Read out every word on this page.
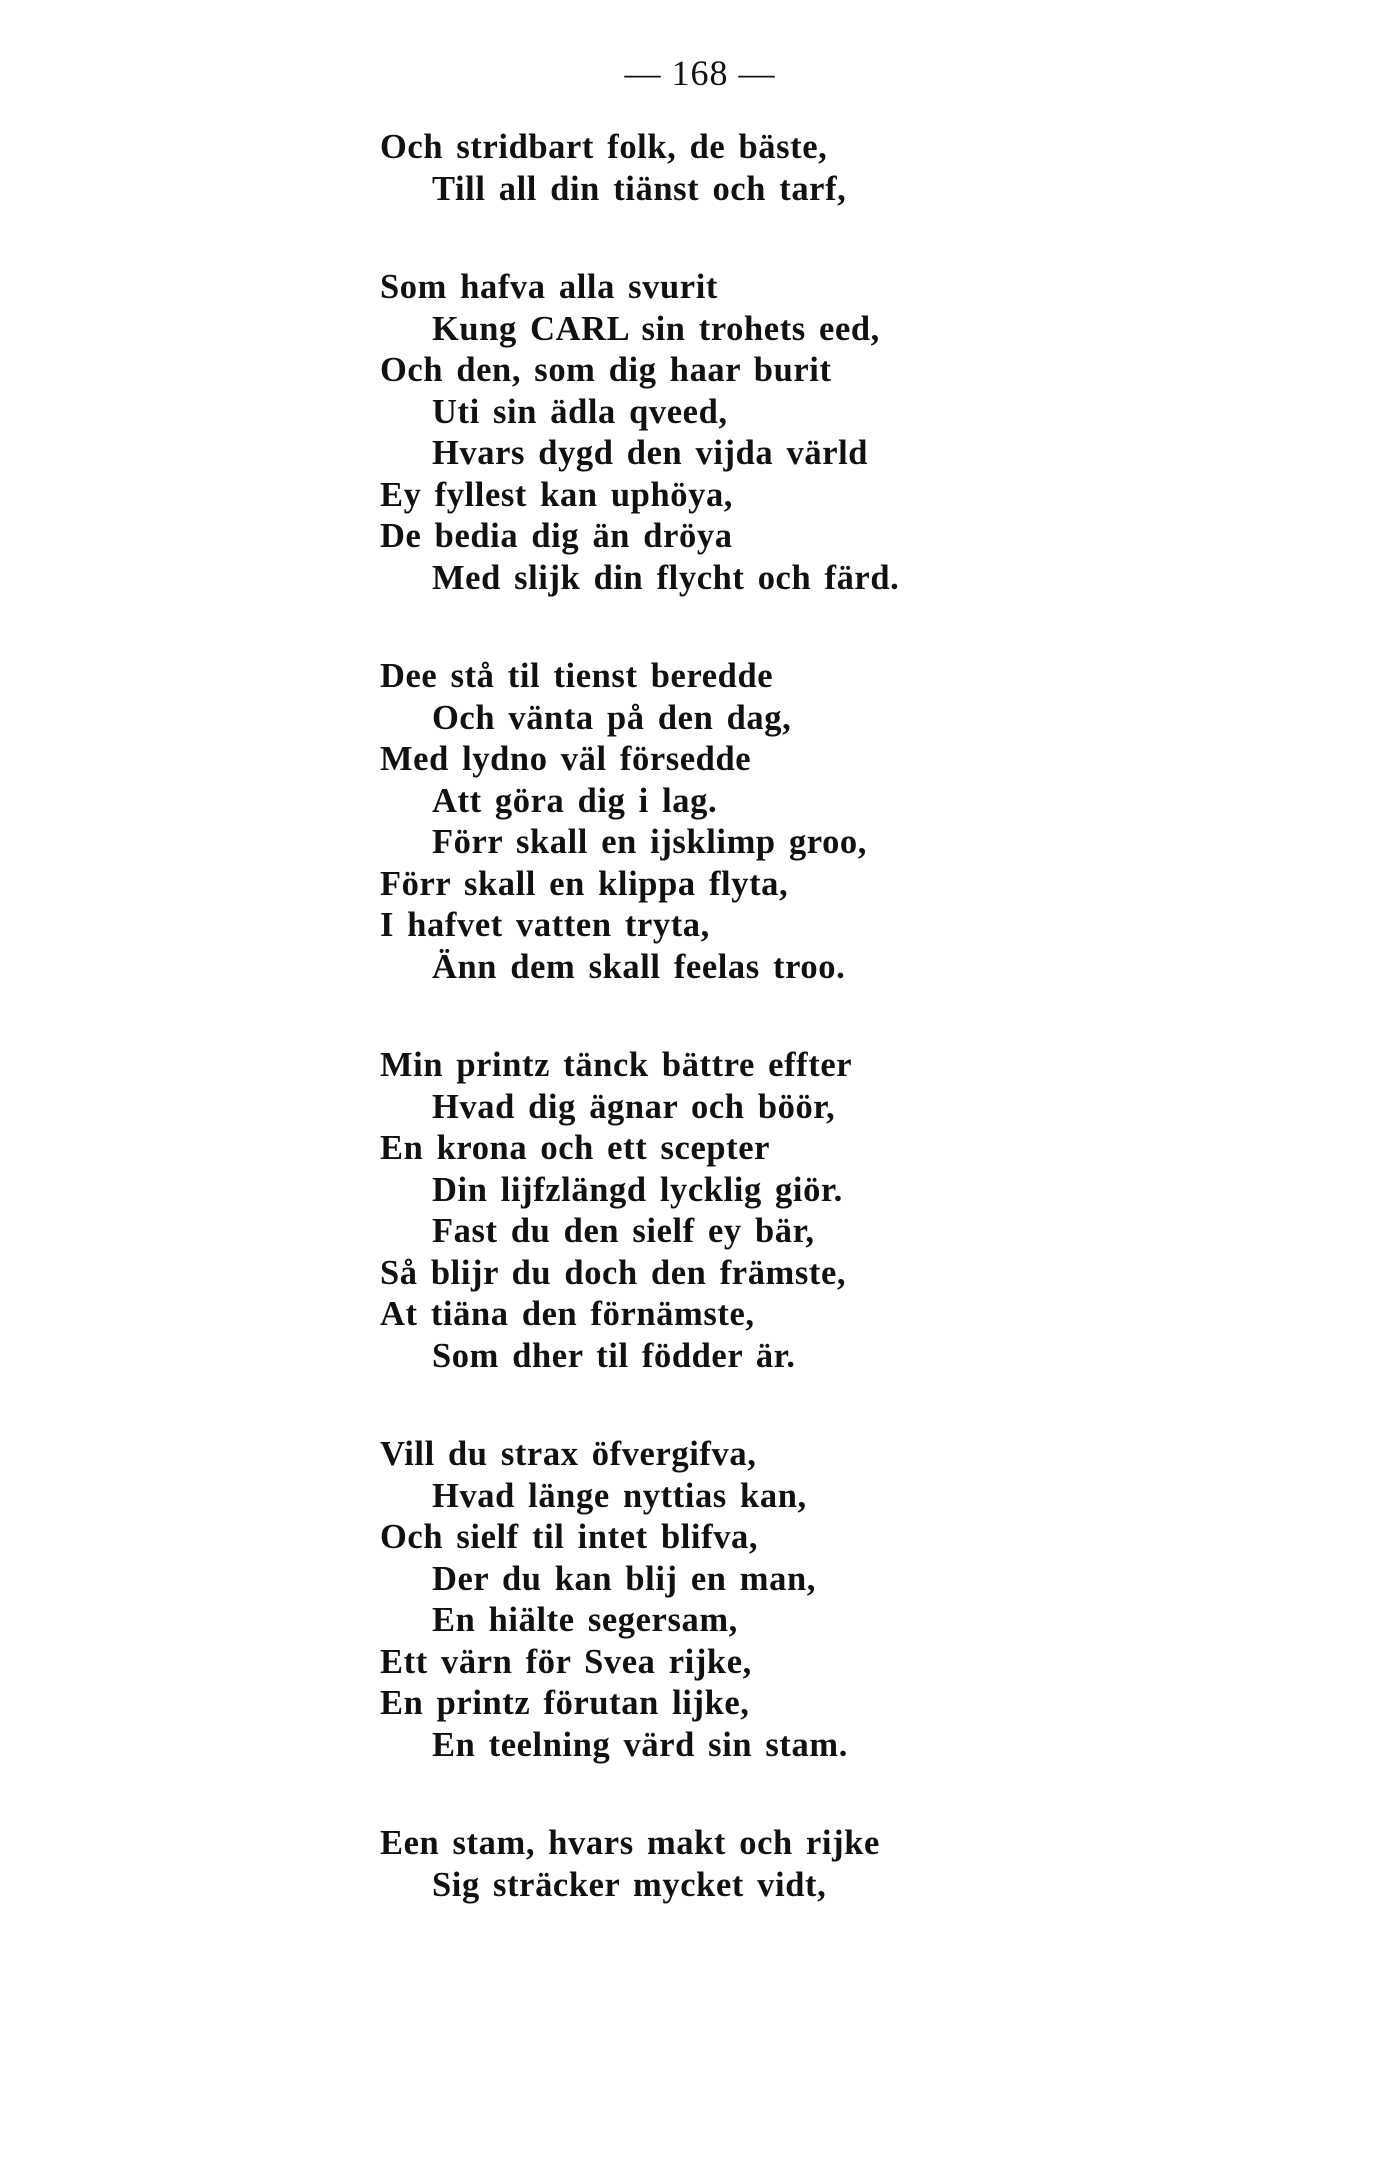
— 168 —
Och stridbart folk, de bäste,
Till all din tiänst och tarf,
Som hafva alla svurit
Kung CARL sin trohets eed,
Och den, som dig haar burit
Uti sin ädla qveed,
Hvars dygd den vijda värld
Ey fyllest kan uphöya,
De bedia dig än dröya
Med slijk din flycht och färd.
Dee stå til tienst beredde
Och vänta på den dag,
Med lydno väl försedde
Att göra dig i lag.
Förr skall en ijsklimp groo,
Förr skall en klippa flyta,
I hafvet vatten tryta,
Änn dem skall feelas troo.
Min printz tänck bättre effter
Hvad dig ägnar och böör,
En krona och ett scepter
Din lijfzlängd lycklig giör.
Fast du den sielf ey bär,
Så blijr du doch den främste,
At tiäna den förnämste,
Som dher til födder är.
Vill du strax öfvergifva,
Hvad länge nyttias kan,
Och sielf til intet blifva,
Der du kan blij en man,
En hiälte segersam,
Ett värn för Svea rijke,
En printz förutan lijke,
En teelning värd sin stam.
Een stam, hvars makt och rijke
Sig sträcker mycket vidt,
